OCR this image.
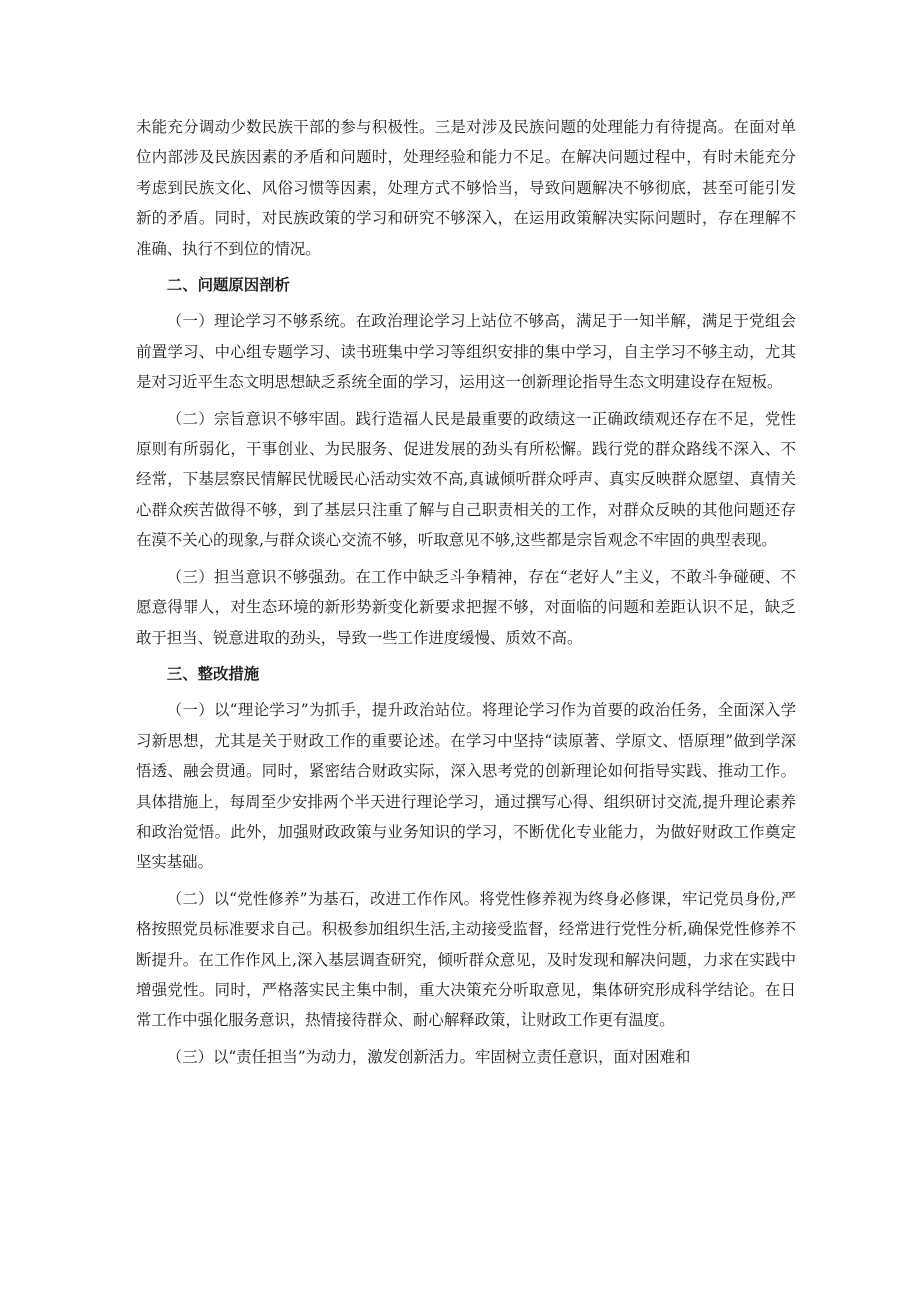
未能充分调动少数民族干部的参与积极性。三是对涉及民族问题的处理能力有待提高。在面对单位内部涉及民族因素的矛盾和问题时，处理经验和能力不足。在解决问题过程中，有时未能充分考虑到民族文化、风俗习惯等因素，处理方式不够恰当，导致问题解决不够彻底，甚至可能引发新的矛盾。同时，对民族政策的学习和研究不够深入，在运用政策解决实际问题时，存在理解不准确、执行不到位的情况。

二、问题原因剖析

（一）理论学习不够系统。在政治理论学习上站位不够高，满足于一知半解，满足于党组会前置学习、中心组专题学习、读书班集中学习等组织安排的集中学习，自主学习不够主动，尤其是对习近平生态文明思想缺乏系统全面的学习，运用这一创新理论指导生态文明建设存在短板。

（二）宗旨意识不够牢固。践行造福人民是最重要的政绩这一正确政绩观还存在不足，党性原则有所弱化，干事创业、为民服务、促进发展的劲头有所松懈。践行党的群众路线不深入、不经常，下基层察民情解民忧暖民心活动实效不高,真诚倾听群众呼声、真实反映群众愿望、真情关心群众疾苦做得不够，到了基层只注重了解与自己职责相关的工作，对群众反映的其他问题还存在漠不关心的现象,与群众谈心交流不够，听取意见不够,这些都是宗旨观念不牢固的典型表现。

（三）担当意识不够强劲。在工作中缺乏斗争精神，存在“老好人”主义，不敢斗争碰硬、不愿意得罪人，对生态环境的新形势新变化新要求把握不够，对面临的问题和差距认识不足，缺乏敢于担当、锐意进取的劲头，导致一些工作进度缓慢、质效不高。

三、整改措施

（一）以“理论学习”为抓手，提升政治站位。将理论学习作为首要的政治任务，全面深入学习新思想，尤其是关于财政工作的重要论述。在学习中坚持“读原著、学原文、悟原理”做到学深悟透、融会贯通。同时，紧密结合财政实际，深入思考党的创新理论如何指导实践、推动工作。具体措施上，每周至少安排两个半天进行理论学习，通过撰写心得、组织研讨交流,提升理论素养和政治觉悟。此外，加强财政政策与业务知识的学习，不断优化专业能力，为做好财政工作奠定坚实基础。

（二）以“党性修养”为基石，改进工作作风。将党性修养视为终身必修课，牢记党员身份,严格按照党员标准要求自己。积极参加组织生活,主动接受监督，经常进行党性分析,确保党性修养不断提升。在工作作风上,深入基层调查研究，倾听群众意见，及时发现和解决问题，力求在实践中增强党性。同时，严格落实民主集中制，重大决策充分听取意见，集体研究形成科学结论。在日常工作中强化服务意识，热情接待群众、耐心解释政策，让财政工作更有温度。

（三）以“责任担当”为动力，激发创新活力。牢固树立责任意识，面对困难和
